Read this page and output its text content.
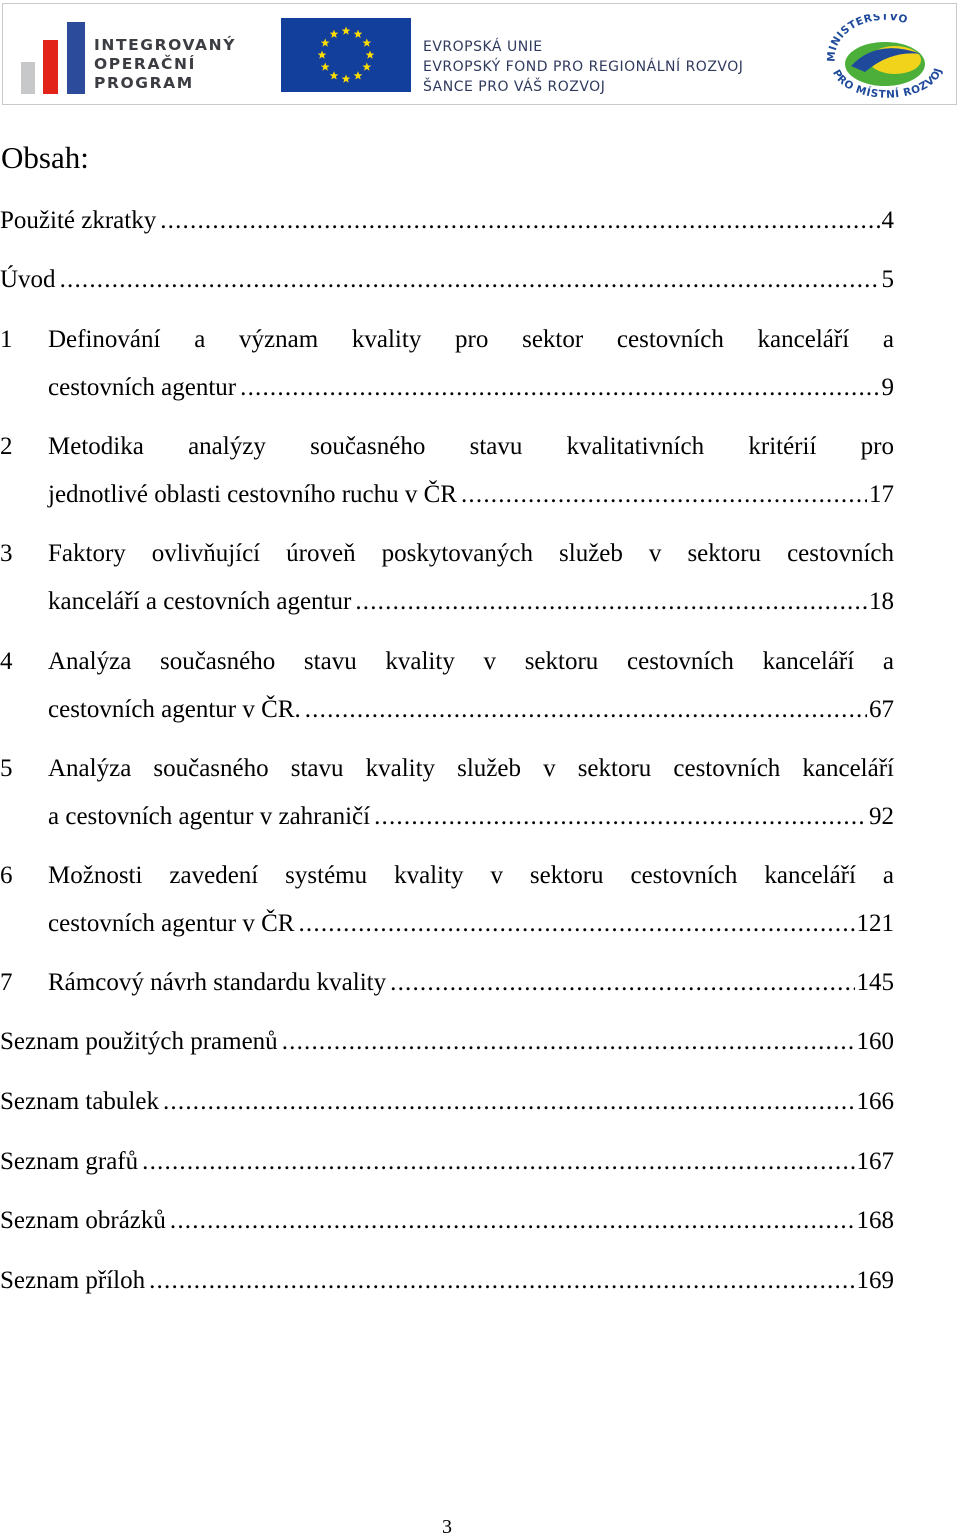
INTEGROVANÝ
OPERAČNÍ
PROGRAM
EVROPSKÁ UNIE
EVROPSKÝ FOND PRO REGIONÁLNÍ ROZVOJ
ŠANCE PRO VÁŠ ROZVOJ
MINISTERSTVO
PRO MÍSTNÍ ROZVOJ
Obsah:
Použité zkratky .....	4
Úvod .....	5
1	Definování a význam kvality pro sektor cestovních kanceláří a
cestovních agentur .....	9
2	Metodika analýzy současného stavu kvalitativních kritérií pro
jednotlivé oblasti cestovního ruchu v ČR .....	17
3	Faktory ovlivňující úroveň poskytovaných služeb v sektoru cestovních
kanceláří a cestovních agentur .....	18
4	Analýza současného stavu kvality v sektoru cestovních kanceláří a
cestovních agentur v ČR. .....	67
5	Analýza současného stavu kvality služeb v sektoru cestovních kanceláří
a cestovních agentur v zahraničí .....	92
6	Možnosti zavedení systému kvality v sektoru cestovních kanceláří a
cestovních agentur v ČR .....	121
7	Rámcový návrh standardu kvality .....	145
Seznam použitých pramenů .....	160
Seznam tabulek .....	166
Seznam grafů .....	167
Seznam obrázků .....	168
Seznam příloh .....	169
3
